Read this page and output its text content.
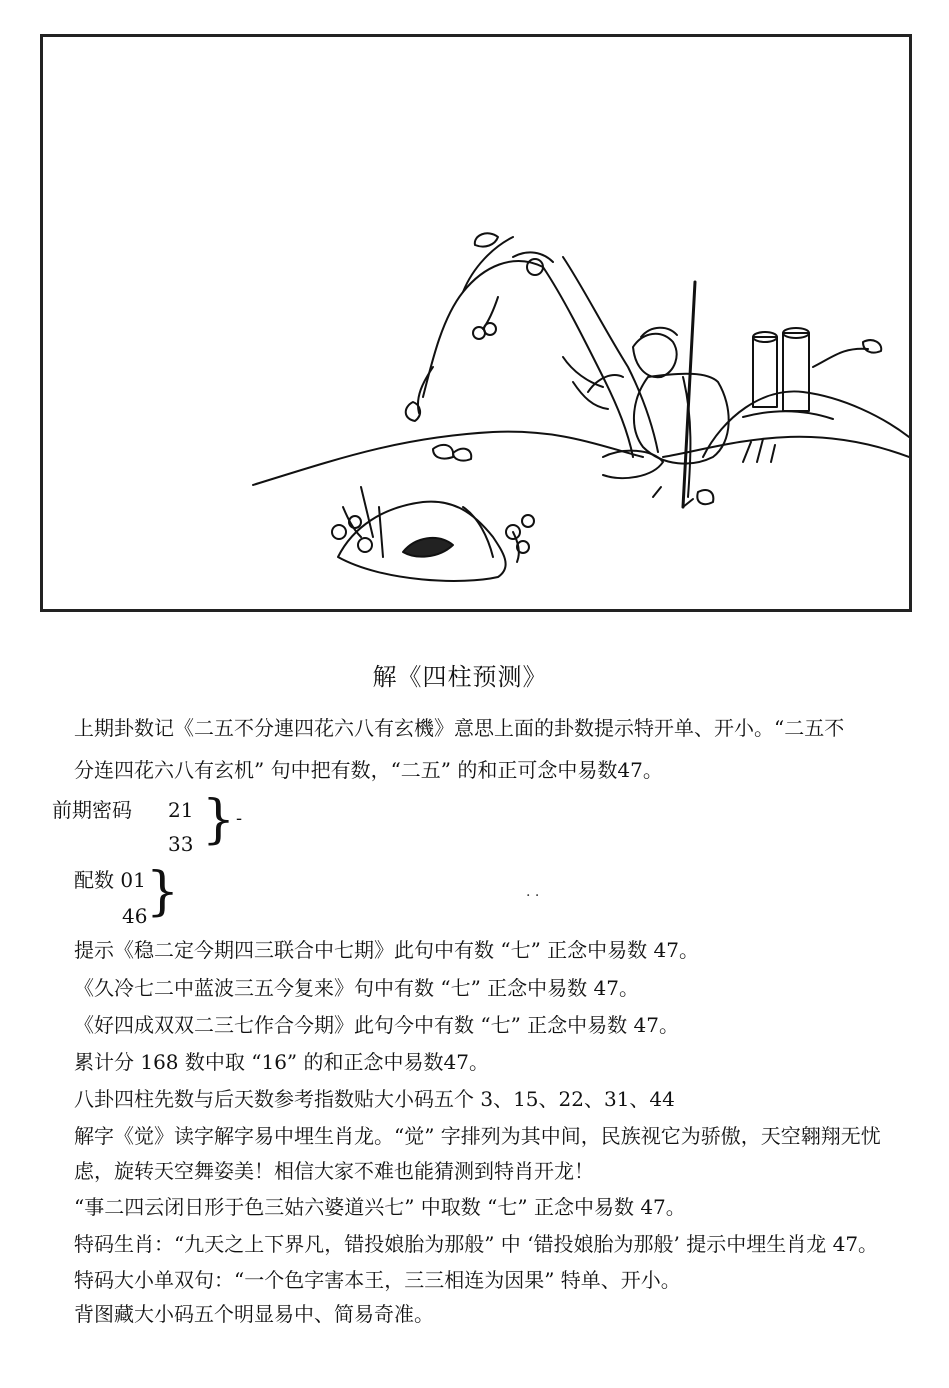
解《四柱预测》
上期卦数记《二五不分連四花六八有玄機》意思上面的卦数提示特开单、开小。“二五不
分连四花六八有玄机” 句中把有数，“二五” 的和正可念中易数47。
前期密码 21
33 } -
配数 01
46
}	. .
提示《稳二定今期四三联合中七期》此句中有数 “七” 正念中易数 47。
《久冷七二中蓝波三五今复来》句中有数 “七” 正念中易数 47。
《好四成双双二三七作合今期》此句今中有数 “七” 正念中易数 47。
累计分 168 数中取 “16” 的和正念中易数47。
八卦四柱先数与后天数参考指数贴大小码五个 3、15、22、31、44
解字《觉》读字解字易中埋生肖龙。“觉” 字排列为其中间，民族视它为骄傲，天空翱翔无忧
虑，旋转天空舞姿美！相信大家不难也能猜测到特肖开龙！
“事二四云闭日形于色三姑六婆道兴七” 中取数 “七” 正念中易数 47。
特码生肖：“九天之上下界凡，错投娘胎为那般” 中 ‘错投娘胎为那般’ 提示中埋生肖龙 47。
特码大小单双句：“一个色字害本王，三三相连为因果” 特单、开小。
背图藏大小码五个明显易中、简易奇准。
